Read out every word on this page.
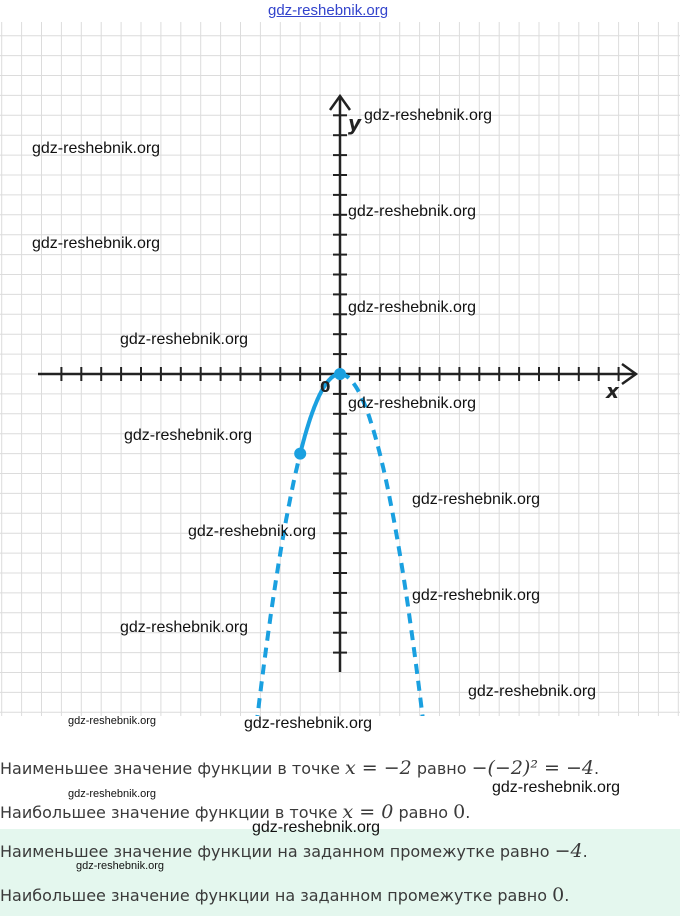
y
x
0
gdz-reshebnik.org
gdz-reshebnik.org
gdz-reshebnik.org
gdz-reshebnik.org
gdz-reshebnik.org
gdz-reshebnik.org
gdz-reshebnik.org
gdz-reshebnik.org
gdz-reshebnik.org
gdz-reshebnik.org
gdz-reshebnik.org
gdz-reshebnik.org
gdz-reshebnik.org
gdz-reshebnik.org
gdz-reshebnik.org
gdz-reshebnik.org
Наименьшее значение функции в точке x = −2 равно −(−2)² = −4.
gdz-reshebnik.org	gdz-reshebnik.org
Наибольшее значение функции в точке x = 0 равно 0.
gdz-reshebnik.org
Наименьшее значение функции на заданном промежутке равно −4.
gdz-reshebnik.org
Наибольшее значение функции на заданном промежутке равно 0.
